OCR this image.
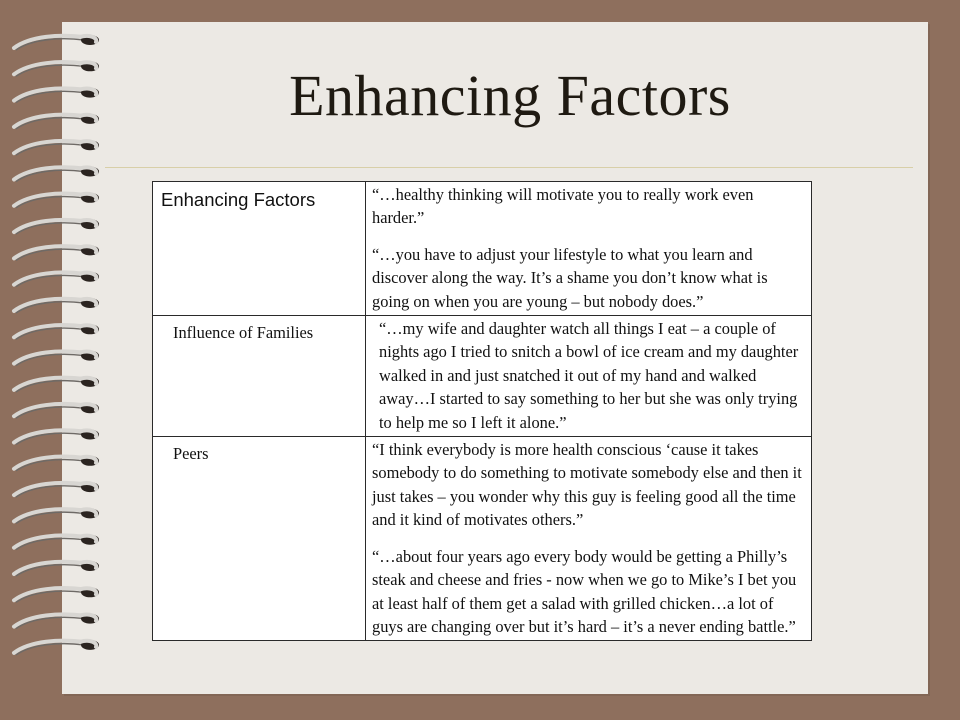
Enhancing Factors
Enhancing Factors	“…healthy thinking will motivate you to really work even harder.”

“…you have to adjust your lifestyle to what you learn and discover along the way. It’s a shame you don’t know what is going on when you are young – but nobody does.”

Influence of Families	“…my wife and daughter watch all things I eat – a couple of nights ago I tried to snitch a bowl of ice cream and my daughter walked in and just snatched it out of my hand and walked away…I started to say something to her but she was only trying to help me so I left it alone.”

Peers	“I think everybody is more health conscious ‘cause it takes somebody to do something to motivate somebody else and then it just takes – you wonder why this guy is feeling good all the time and it kind of motivates others.”

“…about four years ago every body would be getting a Philly’s steak and cheese and fries - now when we go to Mike’s I bet you at least half of them get a salad with grilled chicken…a lot of guys are changing over but it’s hard – it’s a never ending battle.”
